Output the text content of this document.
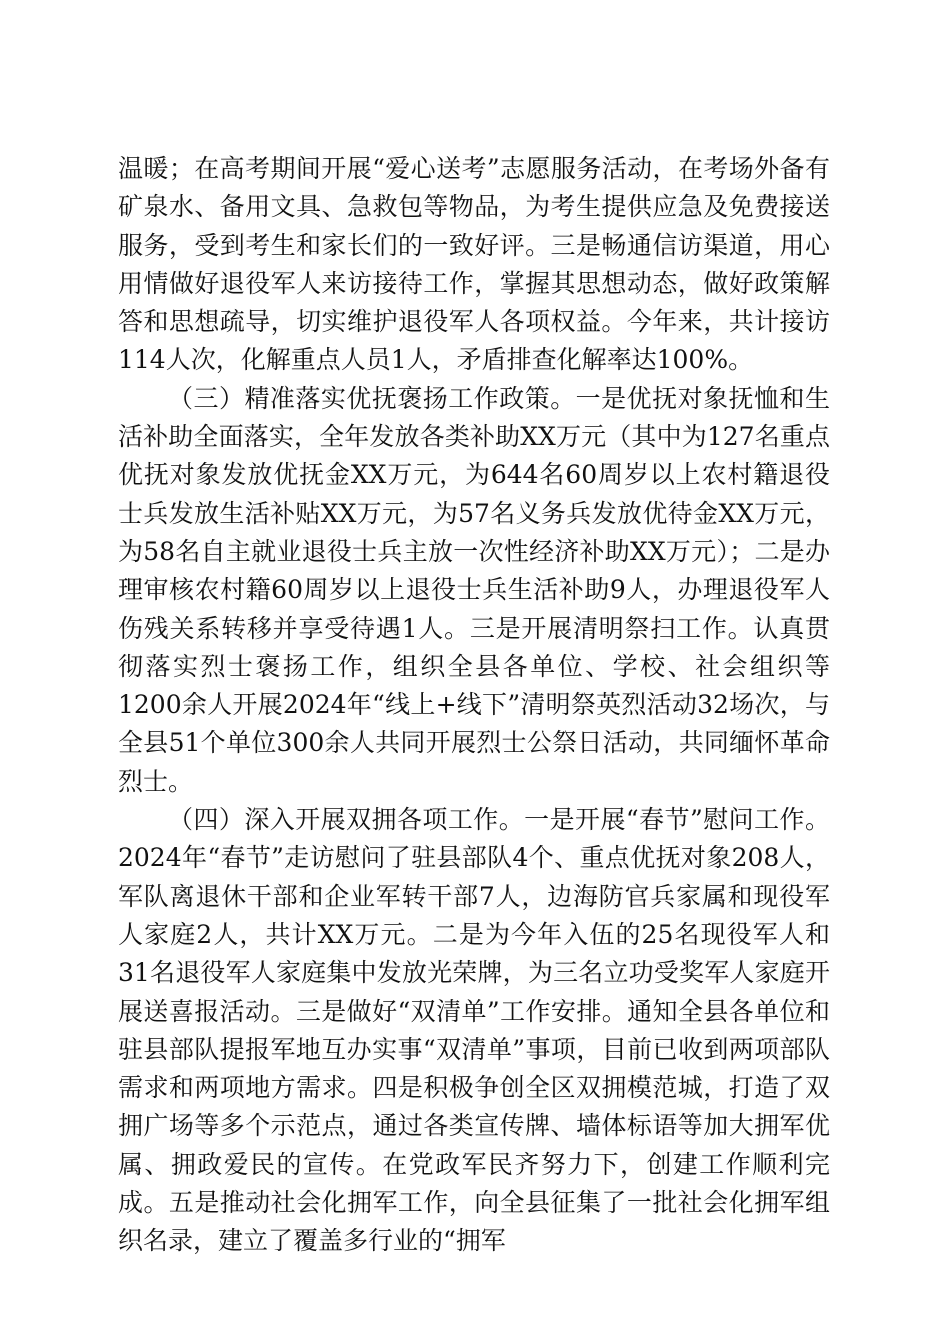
温暖；在高考期间开展“爱心送考”志愿服务活动，在考场外备有矿泉水、备用文具、急救包等物品，为考生提供应急及免费接送服务，受到考生和家长们的一致好评。三是畅通信访渠道，用心用情做好退役军人来访接待工作，掌握其思想动态，做好政策解答和思想疏导，切实维护退役军人各项权益。今年来，共计接访114人次，化解重点人员1人，矛盾排查化解率达100%。

（三）精准落实优抚褒扬工作政策。一是优抚对象抚恤和生活补助全面落实，全年发放各类补助XX万元（其中为127名重点优抚对象发放优抚金XX万元，为644名60周岁以上农村籍退役士兵发放生活补贴XX万元，为57名义务兵发放优待金XX万元，为58名自主就业退役士兵主放一次性经济补助XX万元）；二是办理审核农村籍60周岁以上退役士兵生活补助9人，办理退役军人伤残关系转移并享受待遇1人。三是开展清明祭扫工作。认真贯彻落实烈士褒扬工作，组织全县各单位、学校、社会组织等1200余人开展2024年“线上+线下”清明祭英烈活动32场次，与全县51个单位300余人共同开展烈士公祭日活动，共同缅怀革命烈士。

（四）深入开展双拥各项工作。一是开展“春节”慰问工作。2024年“春节”走访慰问了驻县部队4个、重点优抚对象208人，军队离退休干部和企业军转干部7人，边海防官兵家属和现役军人家庭2人，共计XX万元。二是为今年入伍的25名现役军人和31名退役军人家庭集中发放光荣牌，为三名立功受奖军人家庭开展送喜报活动。三是做好“双清单”工作安排。通知全县各单位和驻县部队提报军地互办实事“双清单”事项，目前已收到两项部队需求和两项地方需求。四是积极争创全区双拥模范城，打造了双拥广场等多个示范点，通过各类宣传牌、墙体标语等加大拥军优属、拥政爱民的宣传。在党政军民齐努力下，创建工作顺利完成。五是推动社会化拥军工作，向全县征集了一批社会化拥军组织名录，建立了覆盖多行业的“拥军
